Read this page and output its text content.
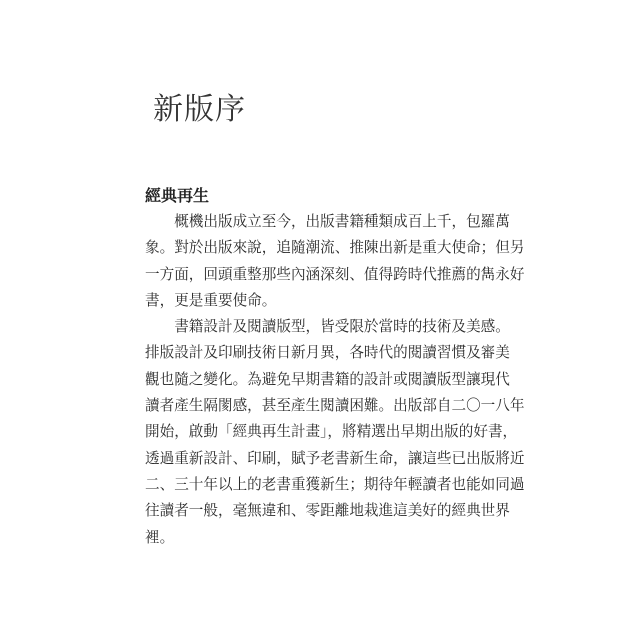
新版序
經典再生
　　概機出版成立至今，出版書籍種類成百上千，包羅萬
象。對於出版來說，追隨潮流、推陳出新是重大使命；但另
一方面，回頭重整那些內涵深刻、值得跨時代推薦的雋永好
書，更是重要使命。
　　書籍設計及閱讀版型，皆受限於當時的技術及美感。
排版設計及印刷技術日新月異，各時代的閱讀習慣及審美
觀也隨之變化。為避免早期書籍的設計或閱讀版型讓現代
讀者產生隔閡感，甚至產生閱讀困難。出版部自二〇一八年
開始，啟動「經典再生計畫」，將精選出早期出版的好書，
透過重新設計、印刷，賦予老書新生命，讓這些已出版將近
二、三十年以上的老書重獲新生；期待年輕讀者也能如同過
往讀者一般，毫無違和、零距離地栽進這美好的經典世界
裡。
